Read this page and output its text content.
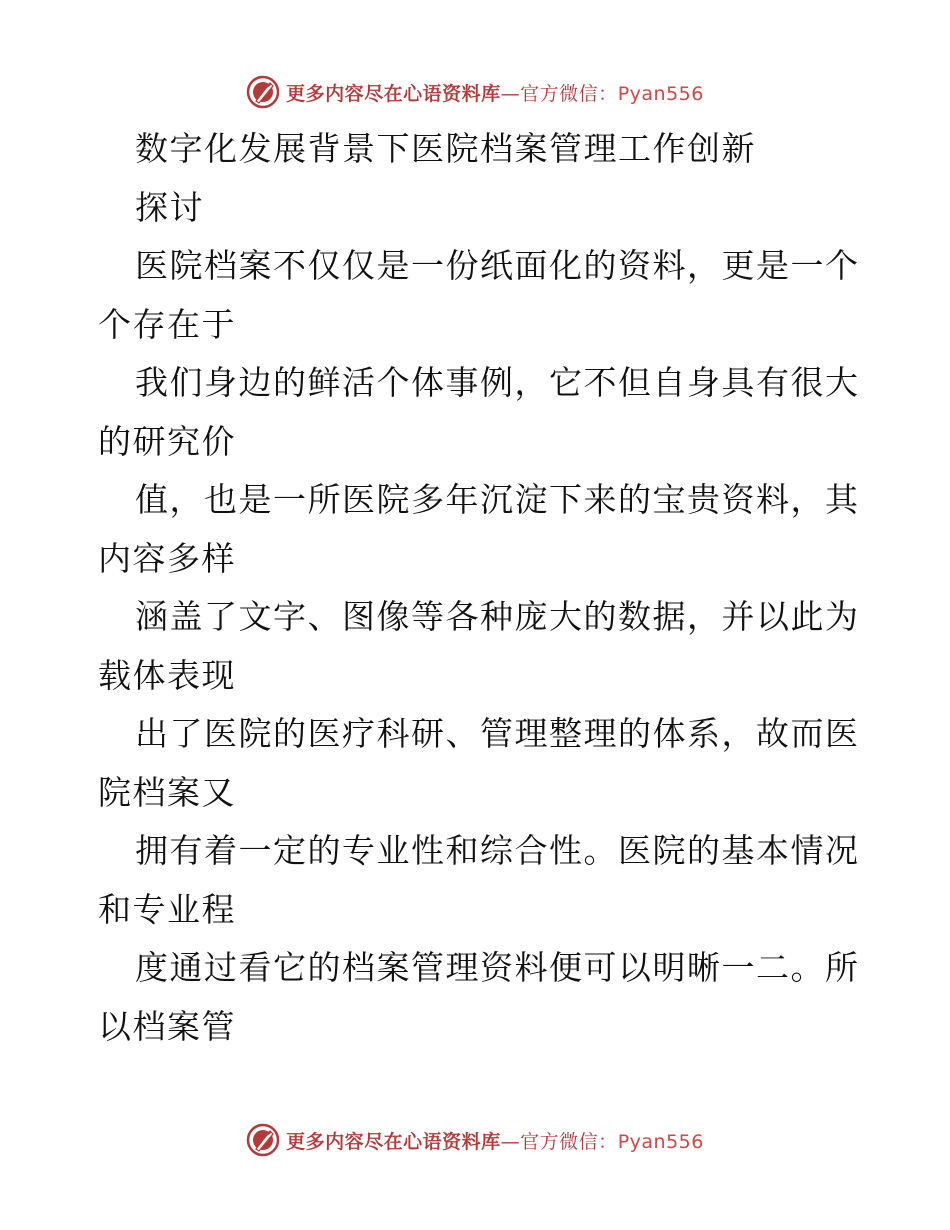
更多内容尽在心语资料库—官方微信：Pyan556
数字化发展背景下医院档案管理工作创新
探讨
医院档案不仅仅是一份纸面化的资料，更是一个
个存在于
我们身边的鲜活个体事例，它不但自身具有很大
的研究价
值，也是一所医院多年沉淀下来的宝贵资料，其
内容多样
涵盖了文字、图像等各种庞大的数据，并以此为
载体表现
出了医院的医疗科研、管理整理的体系，故而医
院档案又
拥有着一定的专业性和综合性。医院的基本情况
和专业程
度通过看它的档案管理资料便可以明晰一二。所
以档案管
更多内容尽在心语资料库—官方微信：Pyan556
